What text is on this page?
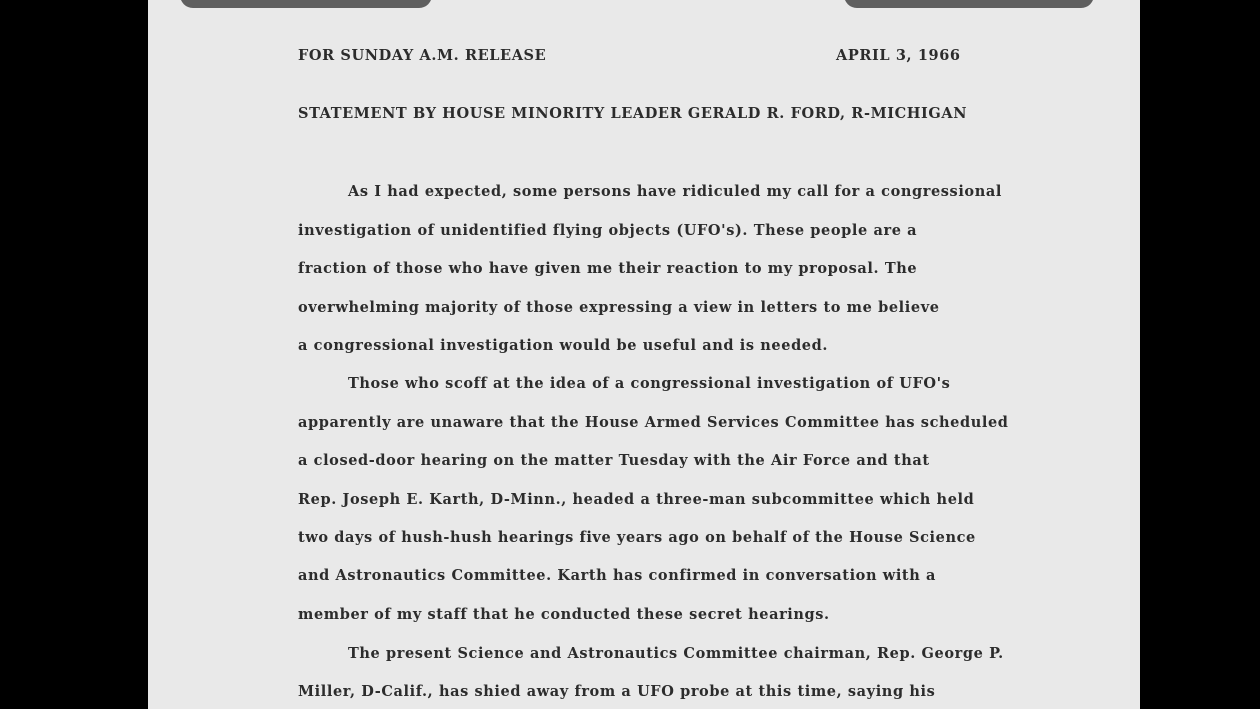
FOR SUNDAY A.M. RELEASE	APRIL 3, 1966
STATEMENT BY HOUSE MINORITY LEADER GERALD R. FORD, R-MICHIGAN
As I had expected, some persons have ridiculed my call for a congressional
investigation of unidentified flying objects (UFO's). These people are a
fraction of those who have given me their reaction to my proposal. The
overwhelming majority of those expressing a view in letters to me believe
a congressional investigation would be useful and is needed.
Those who scoff at the idea of a congressional investigation of UFO's
apparently are unaware that the House Armed Services Committee has scheduled
a closed-door hearing on the matter Tuesday with the Air Force and that
Rep. Joseph E. Karth, D-Minn., headed a three-man subcommittee which held
two days of hush-hush hearings five years ago on behalf of the House Science
and Astronautics Committee. Karth has confirmed in conversation with a
member of my staff that he conducted these secret hearings.
The present Science and Astronautics Committee chairman, Rep. George P.
Miller, D-Calif., has shied away from a UFO probe at this time, saying his
